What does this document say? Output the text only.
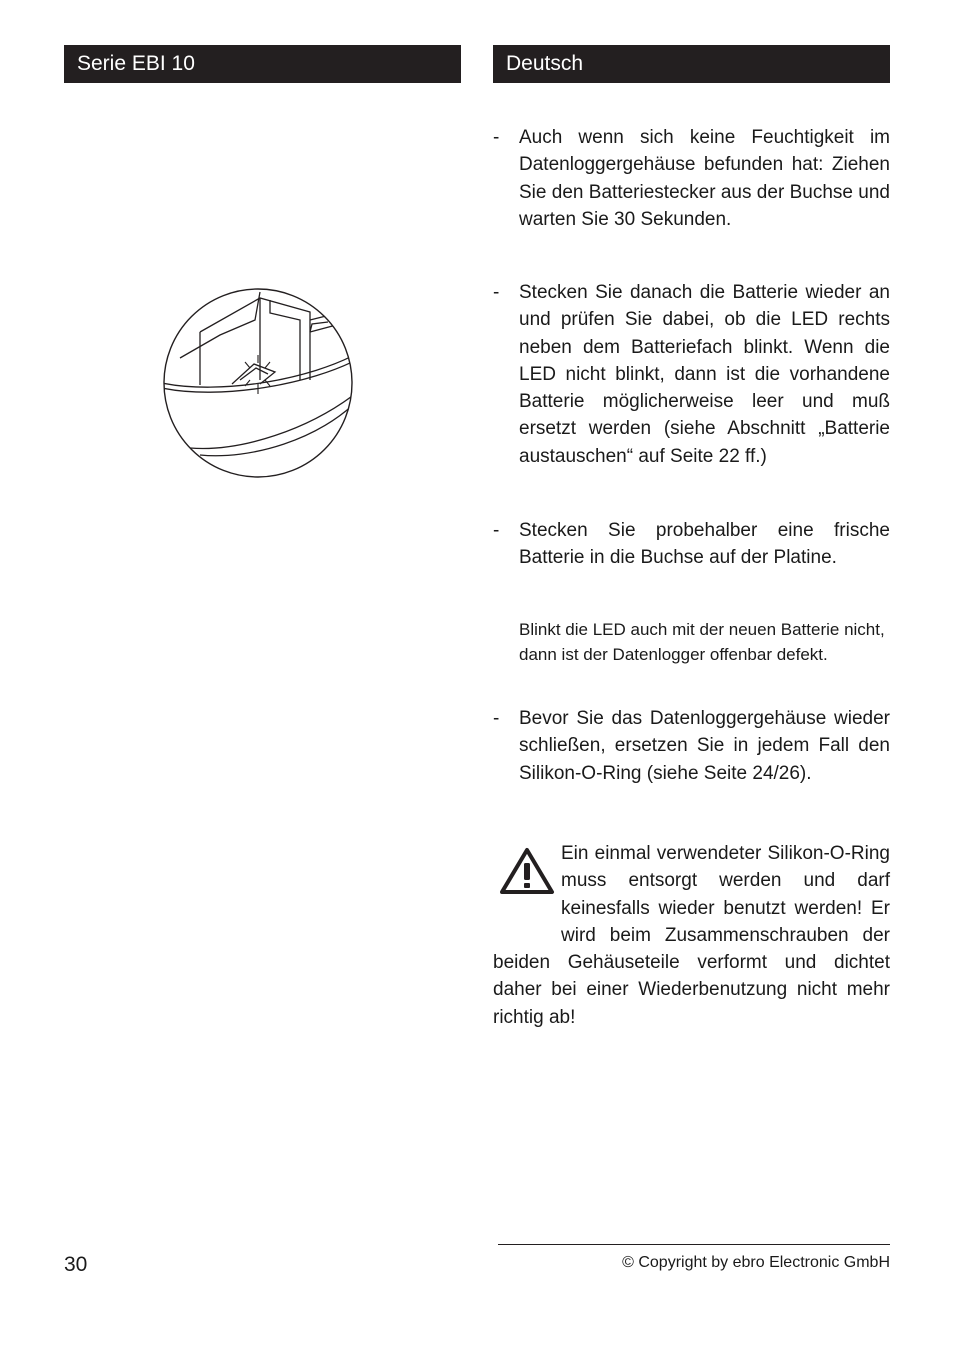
Serie EBI 10	Deutsch
-	Auch wenn sich keine Feuchtigkeit im Datenloggergehäuse befunden hat: Ziehen Sie den Batteriestecker aus der Buchse und warten Sie 30 Sekunden.
-	Stecken Sie danach die Batterie wieder an und prüfen Sie dabei, ob die LED rechts neben dem Batteriefach blinkt. Wenn die LED nicht blinkt, dann ist die vorhandene Batterie möglicherweise leer und muß ersetzt werden (siehe Abschnitt „Batterie austauschen“ auf Seite 22 ff.)
-	Stecken Sie probehalber eine frische Batterie in die Buchse auf der Platine.
Blinkt die LED auch mit der neuen Batterie nicht, dann ist der Datenlogger offenbar defekt.
-	Bevor Sie das Datenloggergehäuse wieder schließen, ersetzen Sie in jedem Fall den Silikon-O-Ring (siehe Seite 24/26).
Ein einmal verwendeter Silikon-O-Ring muss entsorgt werden und darf keinesfalls wieder benutzt werden! Er wird beim Zusammenschrauben der beiden Gehäuseteile verformt und dichtet daher bei einer Wiederbenutzung nicht mehr richtig ab!
30	© Copyright by ebro Electronic GmbH
